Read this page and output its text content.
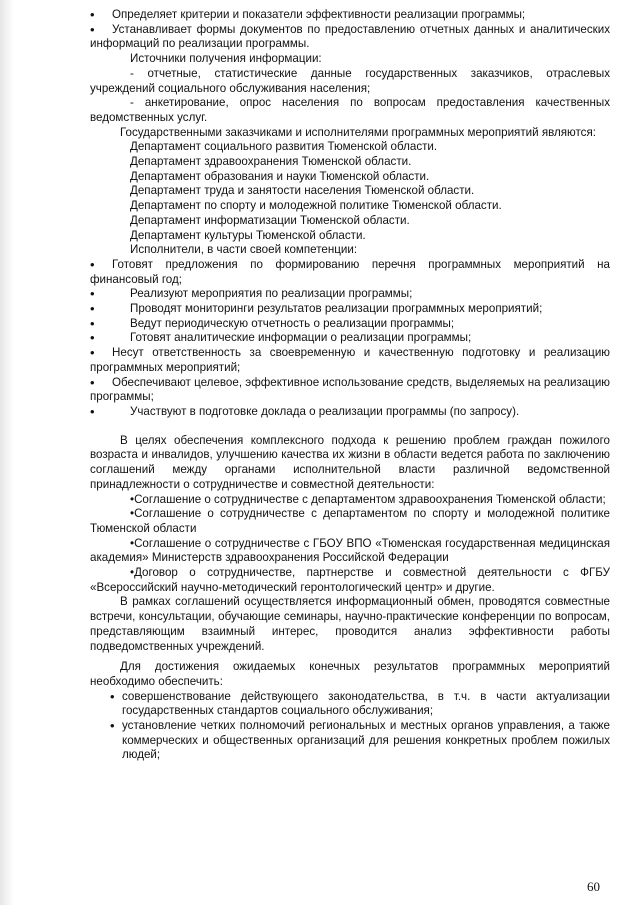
• Определяет критерии и показатели эффективности реализации программы;

• Устанавливает формы документов по предоставлению отчетных данных и аналитических информаций по реализации программы.

Источники получения информации:

- отчетные, статистические данные государственных заказчиков, отраслевых учреждений социального обслуживания населения;

- анкетирование, опрос населения по вопросам предоставления качественных ведомственных услуг.

Государственными заказчиками и исполнителями программных мероприятий являются:

Департамент социального развития Тюменской области.

Департамент здравоохранения Тюменской области.

Департамент образования и науки Тюменской области.

Департамент труда и занятости населения Тюменской области.

Департамент по спорту и молодежной политике Тюменской области.

Департамент информатизации Тюменской области.

Департамент культуры Тюменской области.

Исполнители, в части своей компетенции:

• Готовят предложения по формированию перечня программных мероприятий на финансовый год;

• Реализуют мероприятия по реализации программы;

• Проводят мониторинги результатов реализации программных мероприятий;

• Ведут периодическую отчетность о реализации программы;

• Готовят аналитические информации о реализации программы;

• Несут ответственность за своевременную и качественную подготовку и реализацию программных мероприятий;

• Обеспечивают целевое, эффективное использование средств, выделяемых на реализацию программы;

• Участвуют в подготовке доклада о реализации программы (по запросу).

В целях обеспечения комплексного подхода к решению проблем граждан пожилого возраста и инвалидов, улучшению качества их жизни в области ведется работа по заключению соглашений между органами исполнительной власти различной ведомственной принадлежности о сотрудничестве и совместной деятельности:

•Соглашение о сотрудничестве с департаментом здравоохранения Тюменской области;

•Соглашение о сотрудничестве с департаментом по спорту и молодежной политике Тюменской области

•Соглашение о сотрудничестве с ГБОУ ВПО «Тюменская государственная медицинская академия» Министерств здравоохранения Российской Федерации

•Договор о сотрудничестве, партнерстве и совместной деятельности с ФГБУ «Всероссийский научно-методический геронтологический центр» и другие.

В рамках соглашений осуществляется информационный обмен, проводятся совместные встречи, консультации, обучающие семинары, научно-практические конференции по вопросам, представляющим взаимный интерес, проводится анализ эффективности работы подведомственных учреждений.

Для достижения ожидаемых конечных результатов программных мероприятий необходимо обеспечить:

• совершенствование действующего законодательства, в т.ч. в части актуализации государственных стандартов социального обслуживания;

• установление четких полномочий региональных и местных органов управления, а также коммерческих и общественных организаций для решения конкретных проблем пожилых людей;

60
